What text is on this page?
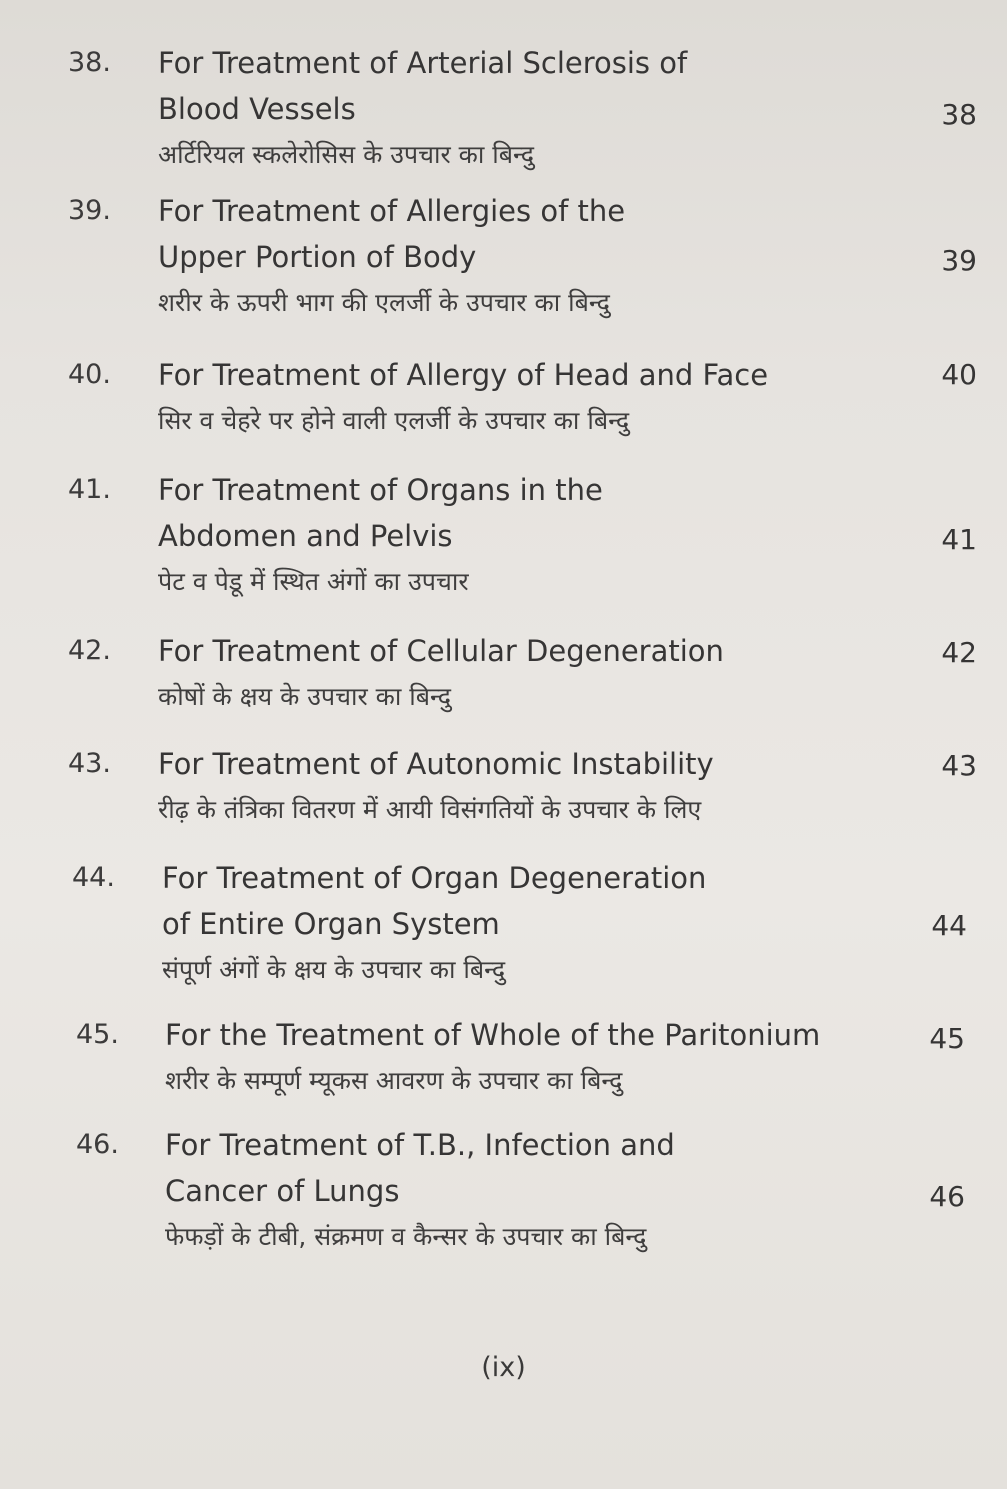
38. For Treatment of Arterial Sclerosis of
Blood Vessels
अर्टिरियल स्कलेरोसिस के उपचार का बिन्दु
38
39. For Treatment of Allergies of the
Upper Portion of Body
शरीर के ऊपरी भाग की एलर्जी के उपचार का बिन्दु
39
40. For Treatment of Allergy of Head and Face
सिर व चेहरे पर होने वाली एलर्जी के उपचार का बिन्दु
40
41. For Treatment of Organs in the
Abdomen and Pelvis
पेट व पेडू में स्थित अंगों का उपचार
41
42. For Treatment of Cellular Degeneration
कोषों के क्षय के उपचार का बिन्दु
42
43. For Treatment of Autonomic Instability
रीढ़ के तंत्रिका वितरण में आयी विसंगतियों के उपचार के लिए
43
44. For Treatment of Organ Degeneration
of Entire Organ System
संपूर्ण अंगों के क्षय के उपचार का बिन्दु
44
45. For the Treatment of Whole of the Paritonium
शरीर के सम्पूर्ण म्यूकस आवरण के उपचार का बिन्दु
45
46. For Treatment of T.B., Infection and
Cancer of Lungs
फेफड़ों के टीबी, संक्रमण व कैन्सर के उपचार का बिन्दु
46
(ix)
